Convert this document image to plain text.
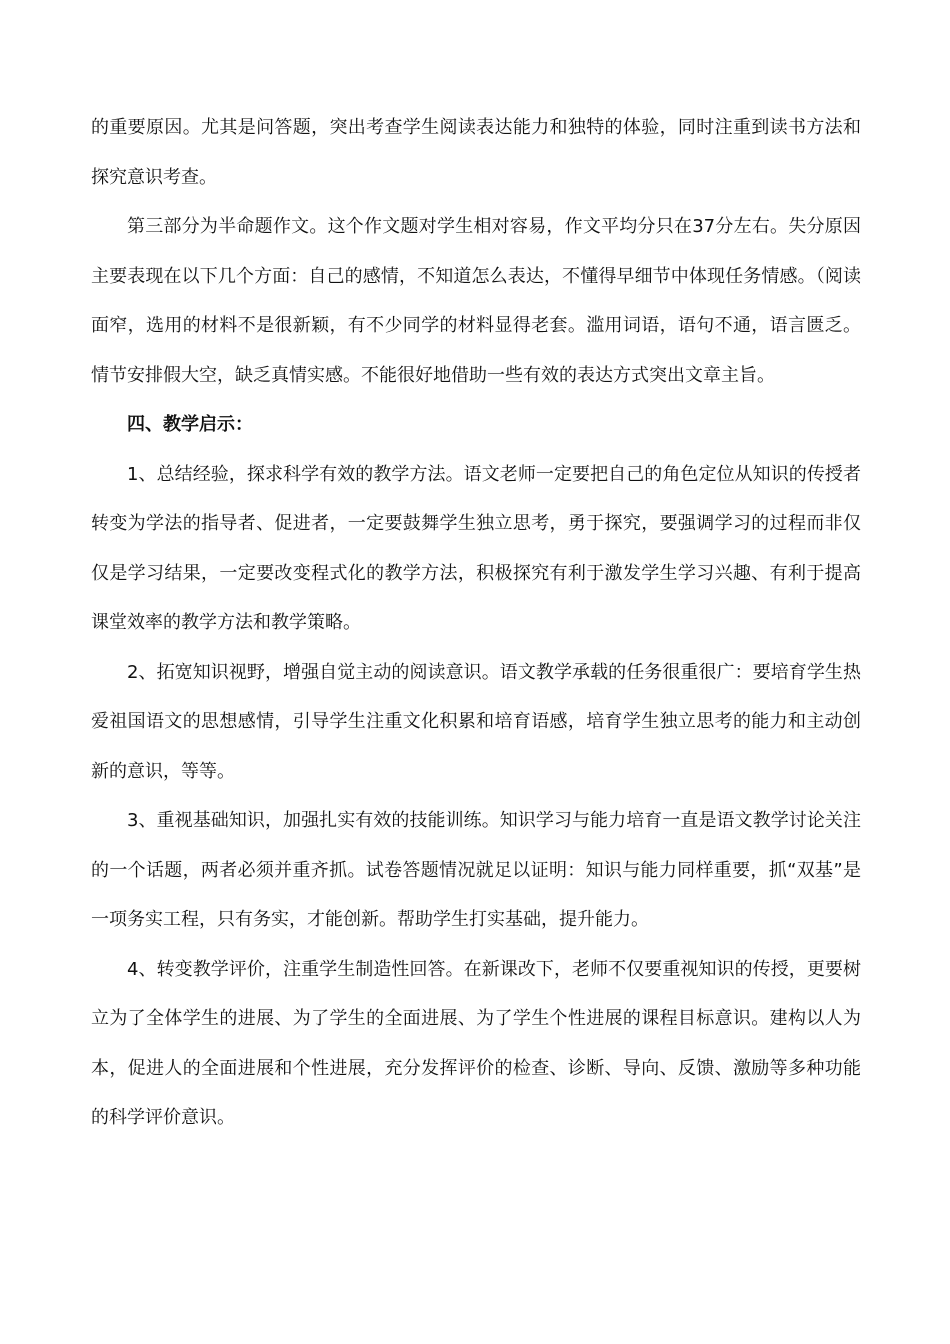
的重要原因。尤其是问答题，突出考查学生阅读表达能力和独特的体验，同时注重到读书方法和探究意识考查。

第三部分为半命题作文。这个作文题对学生相对容易，作文平均分只在37分左右。失分原因主要表现在以下几个方面：自己的感情，不知道怎么表达，不懂得早细节中体现任务情感。（阅读面窄，选用的材料不是很新颖，有不少同学的材料显得老套。滥用词语，语句不通，语言匮乏。情节安排假大空，缺乏真情实感。不能很好地借助一些有效的表达方式突出文章主旨。

四、教学启示：

1、总结经验，探求科学有效的教学方法。语文老师一定要把自己的角色定位从知识的传授者转变为学法的指导者、促进者，一定要鼓舞学生独立思考，勇于探究，要强调学习的过程而非仅仅是学习结果，一定要改变程式化的教学方法，积极探究有利于激发学生学习兴趣、有利于提高课堂效率的教学方法和教学策略。

2、拓宽知识视野，增强自觉主动的阅读意识。语文教学承载的任务很重很广：要培育学生热爱祖国语文的思想感情，引导学生注重文化积累和培育语感，培育学生独立思考的能力和主动创新的意识，等等。

3、重视基础知识，加强扎实有效的技能训练。知识学习与能力培育一直是语文教学讨论关注的一个话题，两者必须并重齐抓。试卷答题情况就足以证明：知识与能力同样重要，抓“双基”是一项务实工程，只有务实，才能创新。帮助学生打实基础，提升能力。

4、转变教学评价，注重学生制造性回答。在新课改下，老师不仅要重视知识的传授，更要树立为了全体学生的进展、为了学生的全面进展、为了学生个性进展的课程目标意识。建构以人为本，促进人的全面进展和个性进展，充分发挥评价的检查、诊断、导向、反馈、激励等多种功能的科学评价意识。
